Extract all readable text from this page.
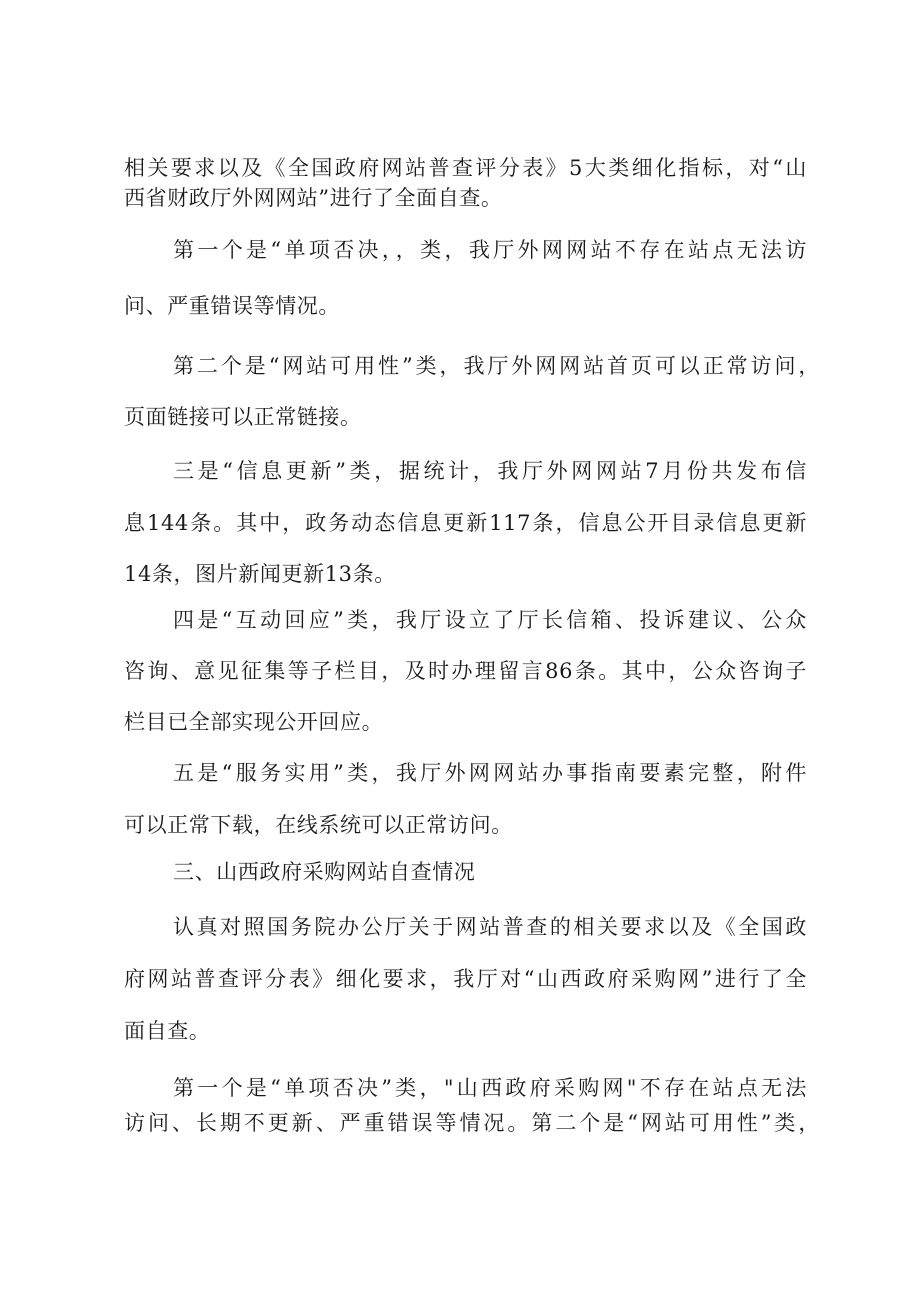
相关要求以及《全国政府网站普查评分表》5大类细化指标，对“山
西省财政厅外网网站”进行了全面自查。
第一个是“单项否决，，类，我厅外网网站不存在站点无法访
问、严重错误等情况。
第二个是“网站可用性”类，我厅外网网站首页可以正常访问，
页面链接可以正常链接。
三是“信息更新”类，据统计，我厅外网网站7月份共发布信
息144条。其中，政务动态信息更新117条，信息公开目录信息更新
14条，图片新闻更新13条。
四是“互动回应”类，我厅设立了厅长信箱、投诉建议、公众
咨询、意见征集等子栏目，及时办理留言86条。其中，公众咨询子
栏目已全部实现公开回应。
五是“服务实用”类，我厅外网网站办事指南要素完整，附件
可以正常下载，在线系统可以正常访问。
三、山西政府采购网站自查情况
认真对照国务院办公厅关于网站普查的相关要求以及《全国政
府网站普查评分表》细化要求，我厅对“山西政府采购网”进行了全
面自查。
第一个是“单项否决”类，"山西政府采购网"不存在站点无法
访问、长期不更新、严重错误等情况。第二个是“网站可用性”类，
